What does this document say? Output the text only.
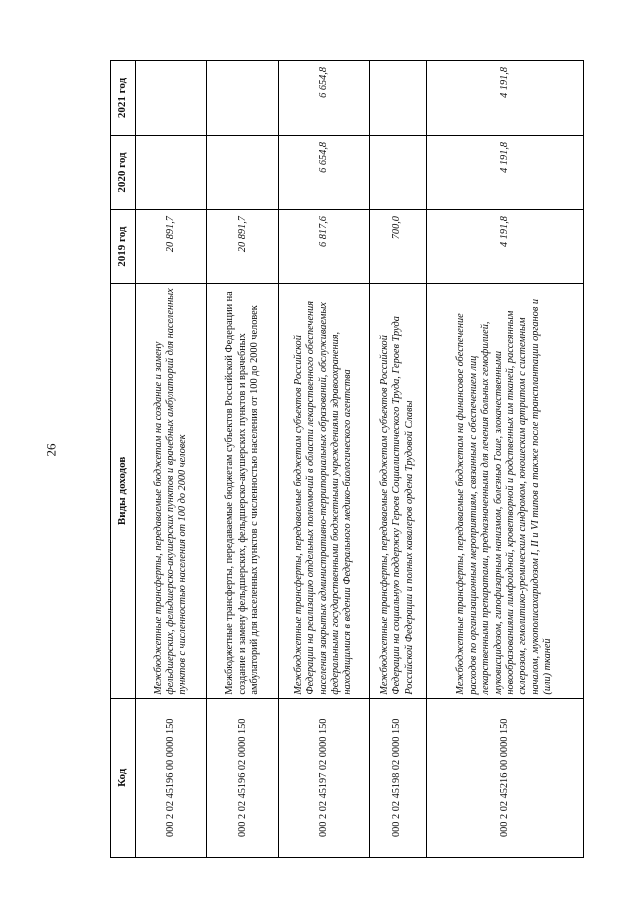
26
Код	Виды доходов	2019 год	2020 год	2021 год
000 2 02 45196 00 0000 150	Межбюджетные трансферты, передаваемые бюджетам на создание и замену фельдшерских, фельдшерско-акушерских пунктов и врачебных амбулаторий для населенных пунктов с численностью населения от 100 до 2000 человек	20 891,7		
000 2 02 45196 02 0000 150	Межбюджетные трансферты, передаваемые бюджетам субъектов Российской Федерации на создание и замену фельдшерских, фельдшерско-акушерских пунктов и врачебных амбулаторий для населенных пунктов с численностью населения от 100 до 2000 человек	20 891,7		
000 2 02 45197 02 0000 150	Межбюджетные трансферты, передаваемые бюджетам субъектов Российской Федерации на реализацию отдельных полномочий в области лекарственного обеспечения населения закрытых административно-территориальных образований, обслуживаемых федеральными государственными бюджетными учреждениями здравоохранения, находящимися в ведении Федерального медико-биологического агентства	6 817,6	6 654,8	6 654,8
000 2 02 45198 02 0000 150	Межбюджетные трансферты, передаваемые бюджетам субъектов Российской Федерации на социальную поддержку Героев Социалистического Труда, Героев Труда Российской Федерации и полных кавалеров ордена Трудовой Славы	700,0		
000 2 02 45216 00 0000 150	Межбюджетные трансферты, передаваемые бюджетам на финансовое обеспечение расходов по организационным мероприятиям, связанным с обеспечением лиц лекарственными препаратами, предназначенными для лечения больных гемофилией, муковисцидозом, гипофизарным нанизмом, болезнью Гоше, злокачественными новообразованиями лимфоидной, кроветворной и родственных им тканей, рассеянным склерозом, гемолитико-уремическим синдромом, юношеским артритом с системным началом, мукополисахаридозом I, II и VI типов а также после трансплантации органов и (или) тканей	4 191,8	4 191,8	4 191,8
